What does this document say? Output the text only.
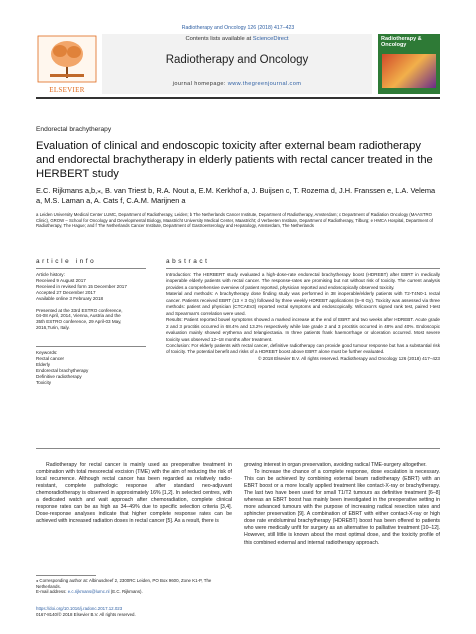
Radiotherapy and Oncology 126 (2018) 417–423
ELSEVIER
Contents lists available at ScienceDirect
Radiotherapy and Oncology
journal homepage: www.thegreenjournal.com
Radiotherapy & Oncology
Endorectal brachytherapy
Evaluation of clinical and endoscopic toxicity after external beam radiotherapy and endorectal brachytherapy in elderly patients with rectal cancer treated in the HERBERT study
E.C. Rijkmans a,b,⁎, B. van Triest b, R.A. Nout a, E.M. Kerkhof a, J. Buijsen c, T. Rozema d, J.H. Franssen e, L.A. Velema a, M.S. Laman a, A. Cats f, C.A.M. Marijnen a
a Leiden University Medical Center LUMC, Department of Radiotherapy, Leiden; b The Netherlands Cancer Institute, Department of Radiotherapy, Amsterdam; c Department of Radiation Oncology (MAASTRO Clinic), GROW – School for Oncology and Developmental Biology, Maastricht University Medical Center, Maastricht; d Verbeeten Institute, Department of Radiotherapy, Tilburg; e HMCA Hospital, Department of Radiotherapy, The Hague; and f The Netherlands Cancer Institute, Department of Gastroenterology and Hepatology, Amsterdam, The Netherlands
article info
Article history:
Received 9 August 2017
Received in revised form 15 December 2017
Accepted 27 December 2017
Available online 3 February 2018
Presented at the 33rd ESTRO conference,
04-08 April, 2014, Vienna, Austria and the
35th ESTRO conference, 29 April-03 May,
2016,Turin, Italy.
Keywords:
Rectal cancer
Elderly
Endorectal brachytherapy
Definitive radiotherapy
Toxicity
abstract
Introduction: The HERBERT study evaluated a high-dose-rate endorectal brachytherapy boost (HDREBT) after EBRT in medically inoperable elderly patients with rectal cancer. The response-rates are promising but not without risk of toxicity. The current analysis provides a comprehensive overview of patient reported, physician reported and endoscopically observed toxicity.
Material and methods: A brachytherapy dose finding study was performed in 38 inoperable/elderly patients with T2-T4N0-1 rectal cancer. Patients received EBRT (13 × 3 Gy) followed by three weekly HDREBT applications (5–8 Gy). Toxicity was assessed via three methods: patient and physician (CTCAEv3) reported rectal symptoms and endoscopically. Wilcoxon's signed rank test, paired t-test and Spearman's correlation were used.
Results: Patient reported bowel symptoms showed a marked increase at the end of EBRT and two weeks after HDREBT. Acute grade 2 and 3 proctitis occurred in 68.4% and 13.2% respectively while late grade 2 and 3 proctitis occurred in 48% and 40%. Endoscopic evaluation mainly showed erythema and telangiectasia. In three patients frank haemorrhage or ulceration occurred. Most severe toxicity was observed 12–18 months after treatment.
Conclusion: For elderly patients with rectal cancer, definitive radiotherapy can provide good tumour response but has a substantial risk of toxicity. The potential benefit and risks of a HDREBT boost above EBRT alone must be further evaluated.
© 2018 Elsevier B.V. All rights reserved. Radiotherapy and Oncology 126 (2018) 417–423

Radiotherapy for rectal cancer is mainly used as preoperative treatment in combination with total mesorectal excision (TME) with the aim of reducing the risk of local recurrence. Although rectal cancer has been regarded as relatively radio-resistant, complete pathologic response after standard neo-adjuvant chemoradiotherapy is observed in approximately 16% [1,2]. In selected centres, with a dedicated watch and wait approach after chemoradiation, complete clinical response rates can be as high as 34–49% due to specific selection criteria [3,4]. Dose-response analyses indicate that higher complete response rates can be achieved with increased radiation doses in rectal cancer [5]. As a result, there is

growing interest in organ preservation, avoiding radical TME-surgery altogether.

To increase the chance of a complete response, dose escalation is necessary. This can be achieved by combining external beam radiotherapy (EBRT) with an EBRT boost or a more locally applied treatment like contact-X-ray or brachytherapy. The last two have been used for small T1/T2 tumours as definitive treatment [6–8] whereas an EBRT boost has mainly been investigated in the preoperative setting in more advanced tumours with the purpose of increasing radical resection rates and sphincter preservation [9]. A combination of EBRT with either contact-X-ray or high dose rate endoluminal brachytherapy (HDREBT) boost has been offered to patients who were medically unfit for surgery as an alternative to palliative treatment [10–12]. However, still little is known about the most optimal dose, and the toxicity profile of this combined external and internal radiotherapy approach.

⁎ Corresponding author at: Albinusdreef 2, 2300RC Leiden, PO Box 9600, Zone K1-P, The Netherlands.
E-mail address: e.c.rijkmans@lumc.nl (E.C. Rijkmans).
https://doi.org/10.1016/j.radonc.2017.12.023
0167-8140/© 2018 Elsevier B.V. All rights reserved.
